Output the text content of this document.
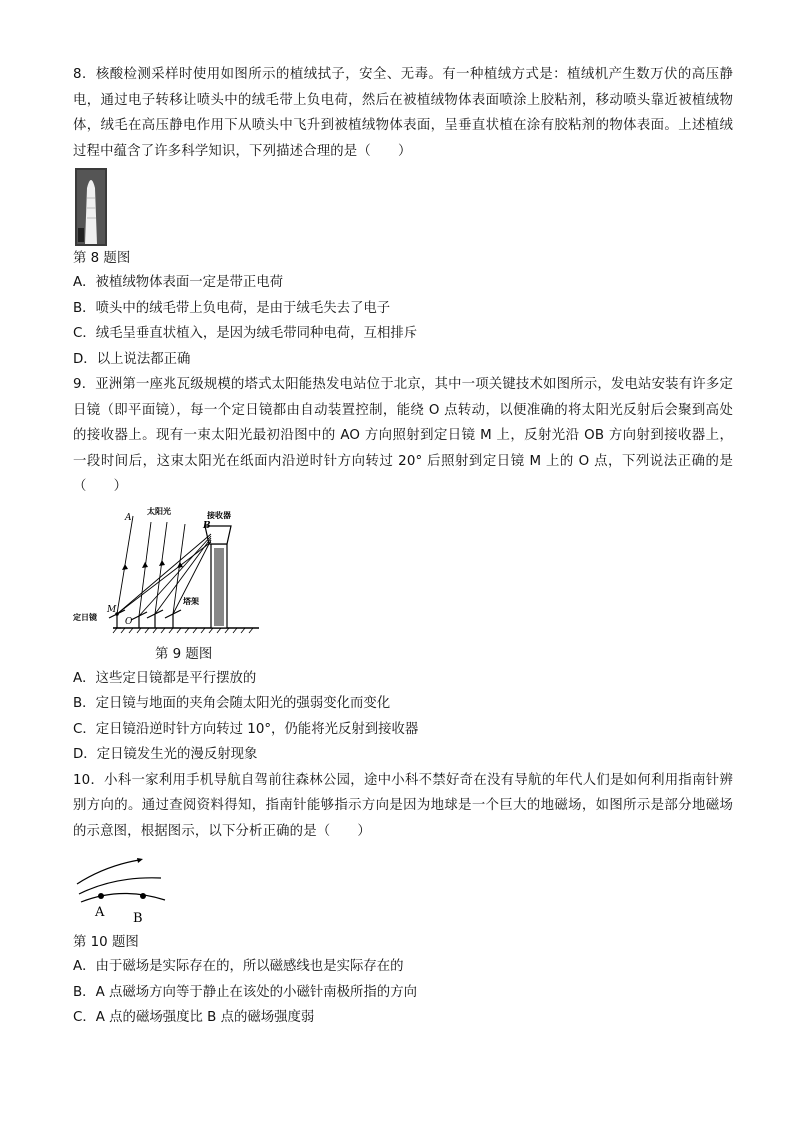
8．核酸检测采样时使用如图所示的植绒拭子，安全、无毒。有一种植绒方式是：植绒机产生数万伏的高压静电，通过电子转移让喷头中的绒毛带上负电荷，然后在被植绒物体表面喷涂上胶粘剂，移动喷头靠近被植绒物体，绒毛在高压静电作用下从喷头中飞升到被植绒物体表面，呈垂直状植在涂有胶粘剂的物体表面。上述植绒过程中蕴含了许多科学知识，下列描述合理的是（　　）

第 8 题图

A．被植绒物体表面一定是带正电荷

B．喷头中的绒毛带上负电荷，是由于绒毛失去了电子

C．绒毛呈垂直状植入，是因为绒毛带同种电荷，互相排斥

D．以上说法都正确

9．亚洲第一座兆瓦级规模的塔式太阳能热发电站位于北京，其中一项关键技术如图所示，发电站安装有许多定日镜（即平面镜），每一个定日镜都由自动装置控制，能绕 O 点转动，以便准确的将太阳光反射后会聚到高处的接收器上。现有一束太阳光最初沿图中的 AO 方向照射到定日镜 M 上，反射光沿 OB 方向射到接收器上，一段时间后，这束太阳光在纸面内沿逆时针方向转过 20° 后照射到定日镜 M 上的 O 点，下列说法正确的是（　　）

A
B
M
O
太阳光	接收器
塔架
定日镜

第 9 题图

A．这些定日镜都是平行摆放的

B．定日镜与地面的夹角会随太阳光的强弱变化而变化

C．定日镜沿逆时针方向转过 10°，仍能将光反射到接收器

D．定日镜发生光的漫反射现象

10．小科一家利用手机导航自驾前往森林公园，途中小科不禁好奇在没有导航的年代人们是如何利用指南针辨别方向的。通过查阅资料得知，指南针能够指示方向是因为地球是一个巨大的地磁场，如图所示是部分地磁场的示意图，根据图示，以下分析正确的是（　　）

A B

第 10 题图

A．由于磁场是实际存在的，所以磁感线也是实际存在的

B．A 点磁场方向等于静止在该处的小磁针南极所指的方向

C．A 点的磁场强度比 B 点的磁场强度弱
